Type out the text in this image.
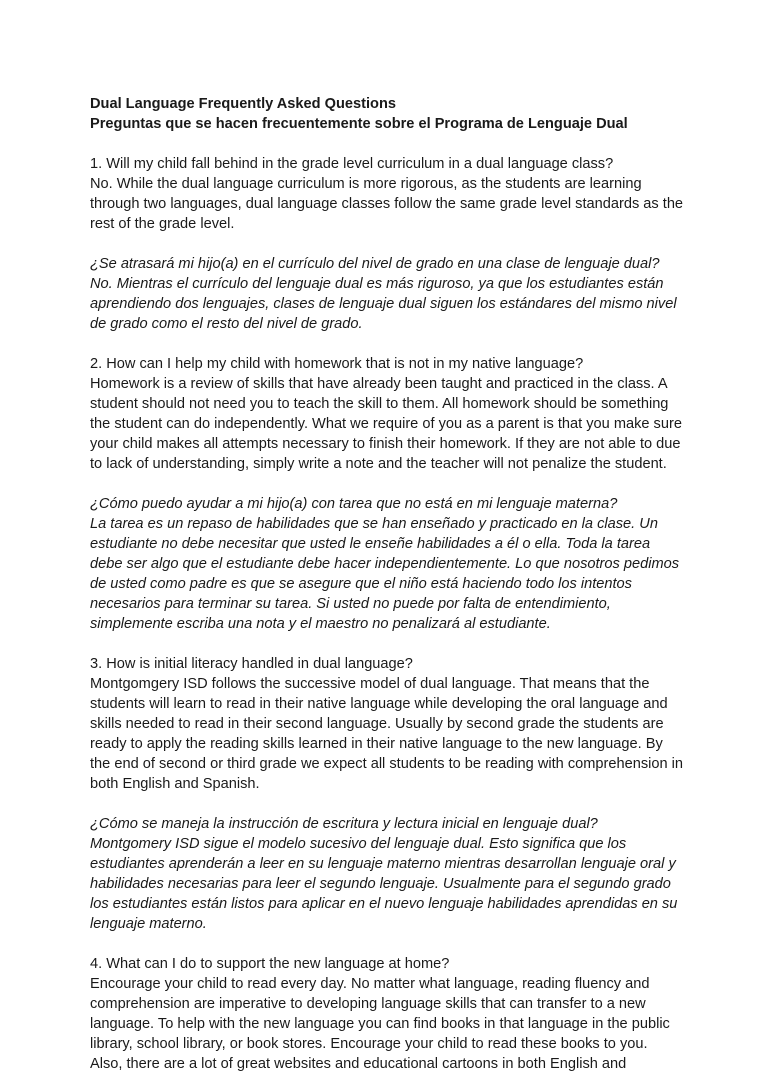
Dual Language Frequently Asked Questions
Preguntas que se hacen frecuentemente sobre el Programa de Lenguaje Dual
1. Will my child fall behind in the grade level curriculum in a dual language class?
No. While the dual language curriculum is more rigorous, as the students are learning
through two languages, dual language classes follow the same grade level standards as the
rest of the grade level.
¿Se atrasará mi hijo(a) en el currículo del nivel de grado en una clase de lenguaje dual?
No. Mientras el currículo del lenguaje dual es más riguroso, ya que los estudiantes están
aprendiendo dos lenguajes, clases de lenguaje dual siguen los estándares del mismo nivel
de grado como el resto del nivel de grado.
2. How can I help my child with homework that is not in my native language?
Homework is a review of skills that have already been taught and practiced in the class. A
student should not need you to teach the skill to them. All homework should be something
the student can do independently. What we require of you as a parent is that you make sure
your child makes all attempts necessary to finish their homework. If they are not able to due
to lack of understanding, simply write a note and the teacher will not penalize the student.
¿Cómo puedo ayudar a mi hijo(a) con tarea que no está en mi lenguaje materna?
La tarea es un repaso de habilidades que se han enseñado y practicado en la clase. Un
estudiante no debe necesitar que usted le enseñe habilidades a él o ella. Toda la tarea
debe ser algo que el estudiante debe hacer independientemente. Lo que nosotros pedimos
de usted como padre es que se asegure que el niño está haciendo todo los intentos
necesarios para terminar su tarea. Si usted no puede por falta de entendimiento,
simplemente escriba una nota y el maestro no penalizará al estudiante.
3. How is initial literacy handled in dual language?
Montgomgery ISD follows the successive model of dual language. That means that the
students will learn to read in their native language while developing the oral language and
skills needed to read in their second language. Usually by second grade the students are
ready to apply the reading skills learned in their native language to the new language. By
the end of second or third grade we expect all students to be reading with comprehension in
both English and Spanish.
¿Cómo se maneja la instrucción de escritura y lectura inicial en lenguaje dual?
Montgomery ISD sigue el modelo sucesivo del lenguaje dual. Esto significa que los
estudiantes aprenderán a leer en su lenguaje materno mientras desarrollan lenguaje oral y
habilidades necesarias para leer el segundo lenguaje. Usualmente para el segundo grado
los estudiantes están listos para aplicar en el nuevo lenguaje habilidades aprendidas en su
lenguaje materno.
4. What can I do to support the new language at home?
Encourage your child to read every day. No matter what language, reading fluency and
comprehension are imperative to developing language skills that can transfer to a new
language. To help with the new language you can find books in that language in the public
library, school library, or book stores. Encourage your child to read these books to you.
Also, there are a lot of great websites and educational cartoons in both English and
